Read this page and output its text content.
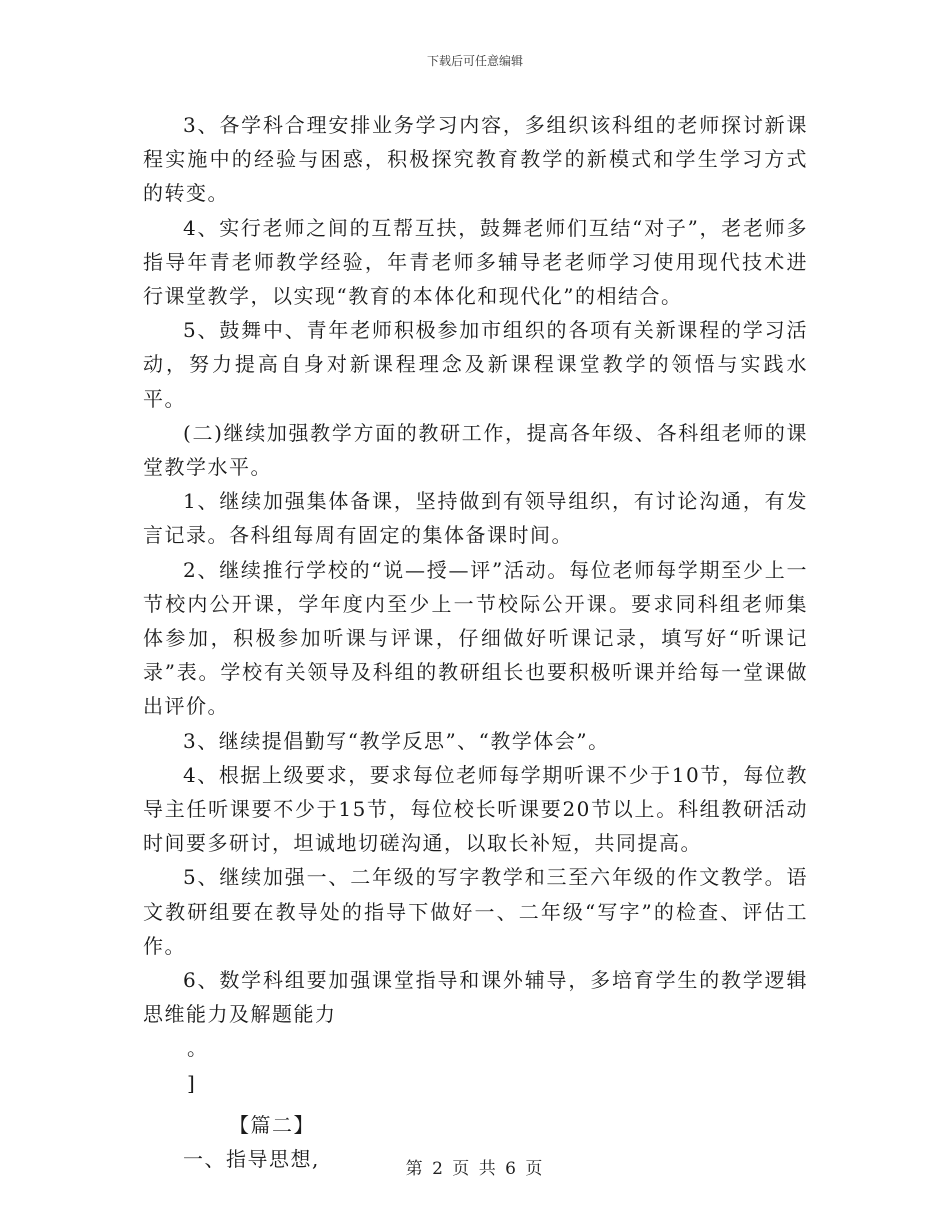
下载后可任意编辑

3、各学科合理安排业务学习内容，多组织该科组的老师探讨新课程实施中的经验与困惑，积极探究教育教学的新模式和学生学习方式的转变。

4、实行老师之间的互帮互扶，鼓舞老师们互结“对子”，老老师多指导年青老师教学经验，年青老师多辅导老老师学习使用现代技术进行课堂教学，以实现“教育的本体化和现代化”的相结合。

5、鼓舞中、青年老师积极参加市组织的各项有关新课程的学习活动，努力提高自身对新课程理念及新课程课堂教学的领悟与实践水平。

(二)继续加强教学方面的教研工作，提高各年级、各科组老师的课堂教学水平。

1、继续加强集体备课，坚持做到有领导组织，有讨论沟通，有发言记录。各科组每周有固定的集体备课时间。

2、继续推行学校的“说—授—评”活动。每位老师每学期至少上一节校内公开课，学年度内至少上一节校际公开课。要求同科组老师集体参加，积极参加听课与评课，仔细做好听课记录，填写好“听课记录”表。学校有关领导及科组的教研组长也要积极听课并给每一堂课做出评价。

3、继续提倡勤写“教学反思”、“教学体会”。

4、根据上级要求，要求每位老师每学期听课不少于10节，每位教导主任听课要不少于15节，每位校长听课要20节以上。科组教研活动时间要多研讨，坦诚地切磋沟通，以取长补短，共同提高。

5、继续加强一、二年级的写字教学和三至六年级的作文教学。语文教研组要在教导处的指导下做好一、二年级“写字”的检查、评估工作。

6、数学科组要加强课堂指导和课外辅导，多培育学生的教学逻辑思维能力及解题能力

。

]

【篇二】

一、指导思想,	第 2 页 共 6 页
